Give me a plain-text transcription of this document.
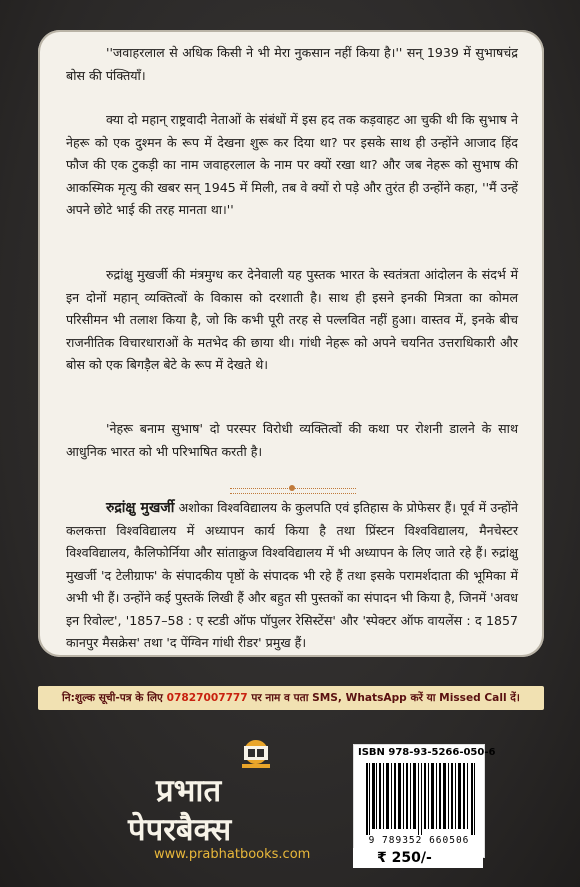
''जवाहरलाल से अधिक किसी ने भी मेरा नुकसान नहीं किया है।'' सन् 1939 में सुभाषचंद्र बोस की पंक्तियाँ।

क्या दो महान् राष्ट्रवादी नेताओं के संबंधों में इस हद तक कड़वाहट आ चुकी थी कि सुभाष ने नेहरू को एक दुश्मन के रूप में देखना शुरू कर दिया था? पर इसके साथ ही उन्होंने आजाद हिंद फौज की एक टुकड़ी का नाम जवाहरलाल के नाम पर क्यों रखा था? और जब नेहरू को सुभाष की आकस्मिक मृत्यु की खबर सन् 1945 में मिली, तब वे क्यों रो पड़े और तुरंत ही उन्होंने कहा, ''मैं उन्हें अपने छोटे भाई की तरह मानता था।''

रुद्रांक्षु मुखर्जी की मंत्रमुग्ध कर देनेवाली यह पुस्तक भारत के स्वतंत्रता आंदोलन के संदर्भ में इन दोनों महान् व्यक्तित्वों के विकास को दरशाती है। साथ ही इसने इनकी मित्रता का कोमल परिसीमन भी तलाश किया है, जो कि कभी पूरी तरह से पल्लवित नहीं हुआ। वास्तव में, इनके बीच राजनीतिक विचारधाराओं के मतभेद की छाया थी। गांधी नेहरू को अपने चयनित उत्तराधिकारी और बोस को एक बिगड़ैल बेटे के रूप में देखते थे।

'नेहरू बनाम सुभाष' दो परस्पर विरोधी व्यक्तित्वों की कथा पर रोशनी डालने के साथ आधुनिक भारत को भी परिभाषित करती है।

रुद्रांक्षु मुखर्जी अशोका विश्वविद्यालय के कुलपति एवं इतिहास के प्रोफेसर हैं। पूर्व में उन्होंने कलकत्ता विश्वविद्यालय में अध्यापन कार्य किया है तथा प्रिंस्टन विश्वविद्यालय, मैनचेस्टर विश्वविद्यालय, कैलिफोर्निया और सांताक्रुज विश्वविद्यालय में भी अध्यापन के लिए जाते रहे हैं। रुद्रांक्षु मुखर्जी 'द टेलीग्राफ' के संपादकीय पृष्ठों के संपादक भी रहे हैं तथा इसके परामर्शदाता की भूमिका में अभी भी हैं। उन्होंने कई पुस्तकें लिखी हैं और बहुत सी पुस्तकों का संपादन भी किया है, जिनमें 'अवध इन रिवोल्ट', '1857–58 : ए स्टडी ऑफ पॉपुलर रेसिस्टेंस' और 'स्पेक्टर ऑफ वायलेंस : द 1857 कानपुर मैसक्रेस' तथा 'द पेंग्विन गांधी रीडर' प्रमुख हैं।

नि:शुल्क सूची-पत्र के लिए 07827007777 पर नाम व पता SMS, WhatsApp करें या Missed Call दें।
प्रभात
पेपरबैक्स
www.prabhatbooks.com
ISBN 978-93-5266-050-6
9 789352 660506
₹ 250/-
